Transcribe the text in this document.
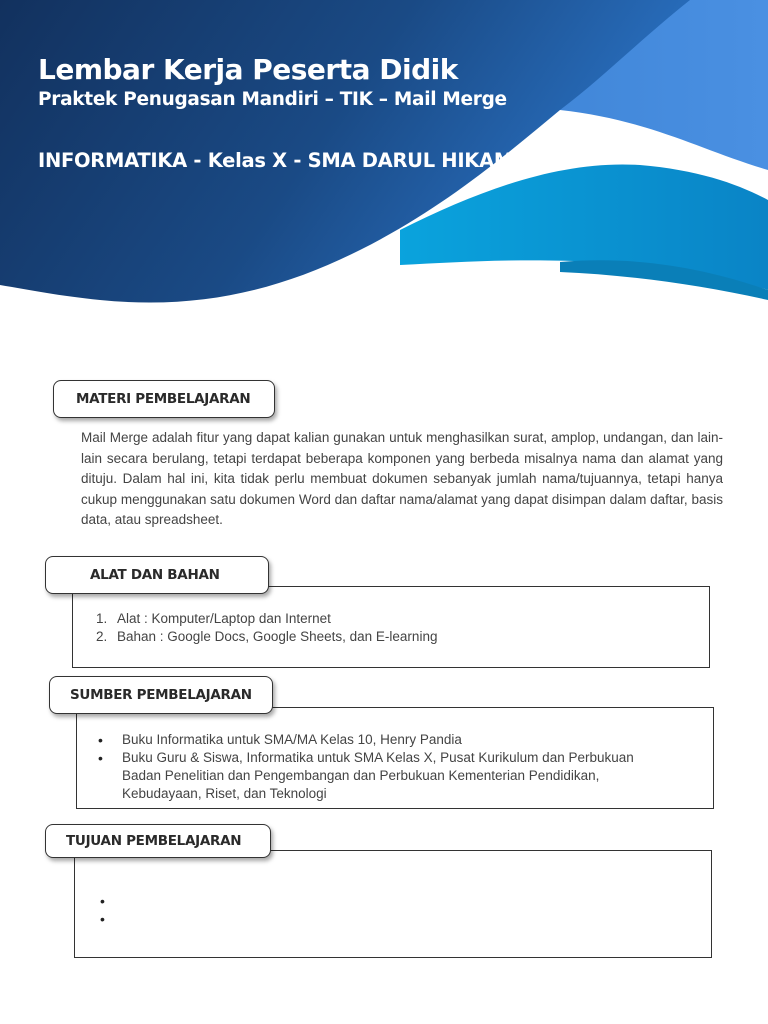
Lembar Kerja Peserta Didik
Praktek Penugasan Mandiri – TIK – Mail Merge
INFORMATIKA - Kelas X - SMA DARUL HIKAM
MATERI PEMBELAJARAN
Mail Merge adalah fitur yang dapat kalian gunakan untuk menghasilkan surat, amplop, undangan, dan lain-lain secara berulang, tetapi terdapat beberapa komponen yang berbeda misalnya nama dan alamat yang dituju. Dalam hal ini, kita tidak perlu membuat dokumen sebanyak jumlah nama/tujuannya, tetapi hanya cukup menggunakan satu dokumen Word dan daftar nama/alamat yang dapat disimpan dalam daftar, basis data, atau spreadsheet.
ALAT DAN BAHAN
1. Alat : Komputer/Laptop dan Internet
2. Bahan : Google Docs, Google Sheets, dan E-learning
SUMBER PEMBELAJARAN
•	Buku Informatika untuk SMA/MA Kelas 10, Henry Pandia
•	Buku Guru & Siswa, Informatika untuk SMA Kelas X, Pusat Kurikulum dan Perbukuan Badan Penelitian dan Pengembangan dan Perbukuan Kementerian Pendidikan, Kebudayaan, Riset, dan Teknologi
TUJUAN PEMBELAJARAN
•
•
